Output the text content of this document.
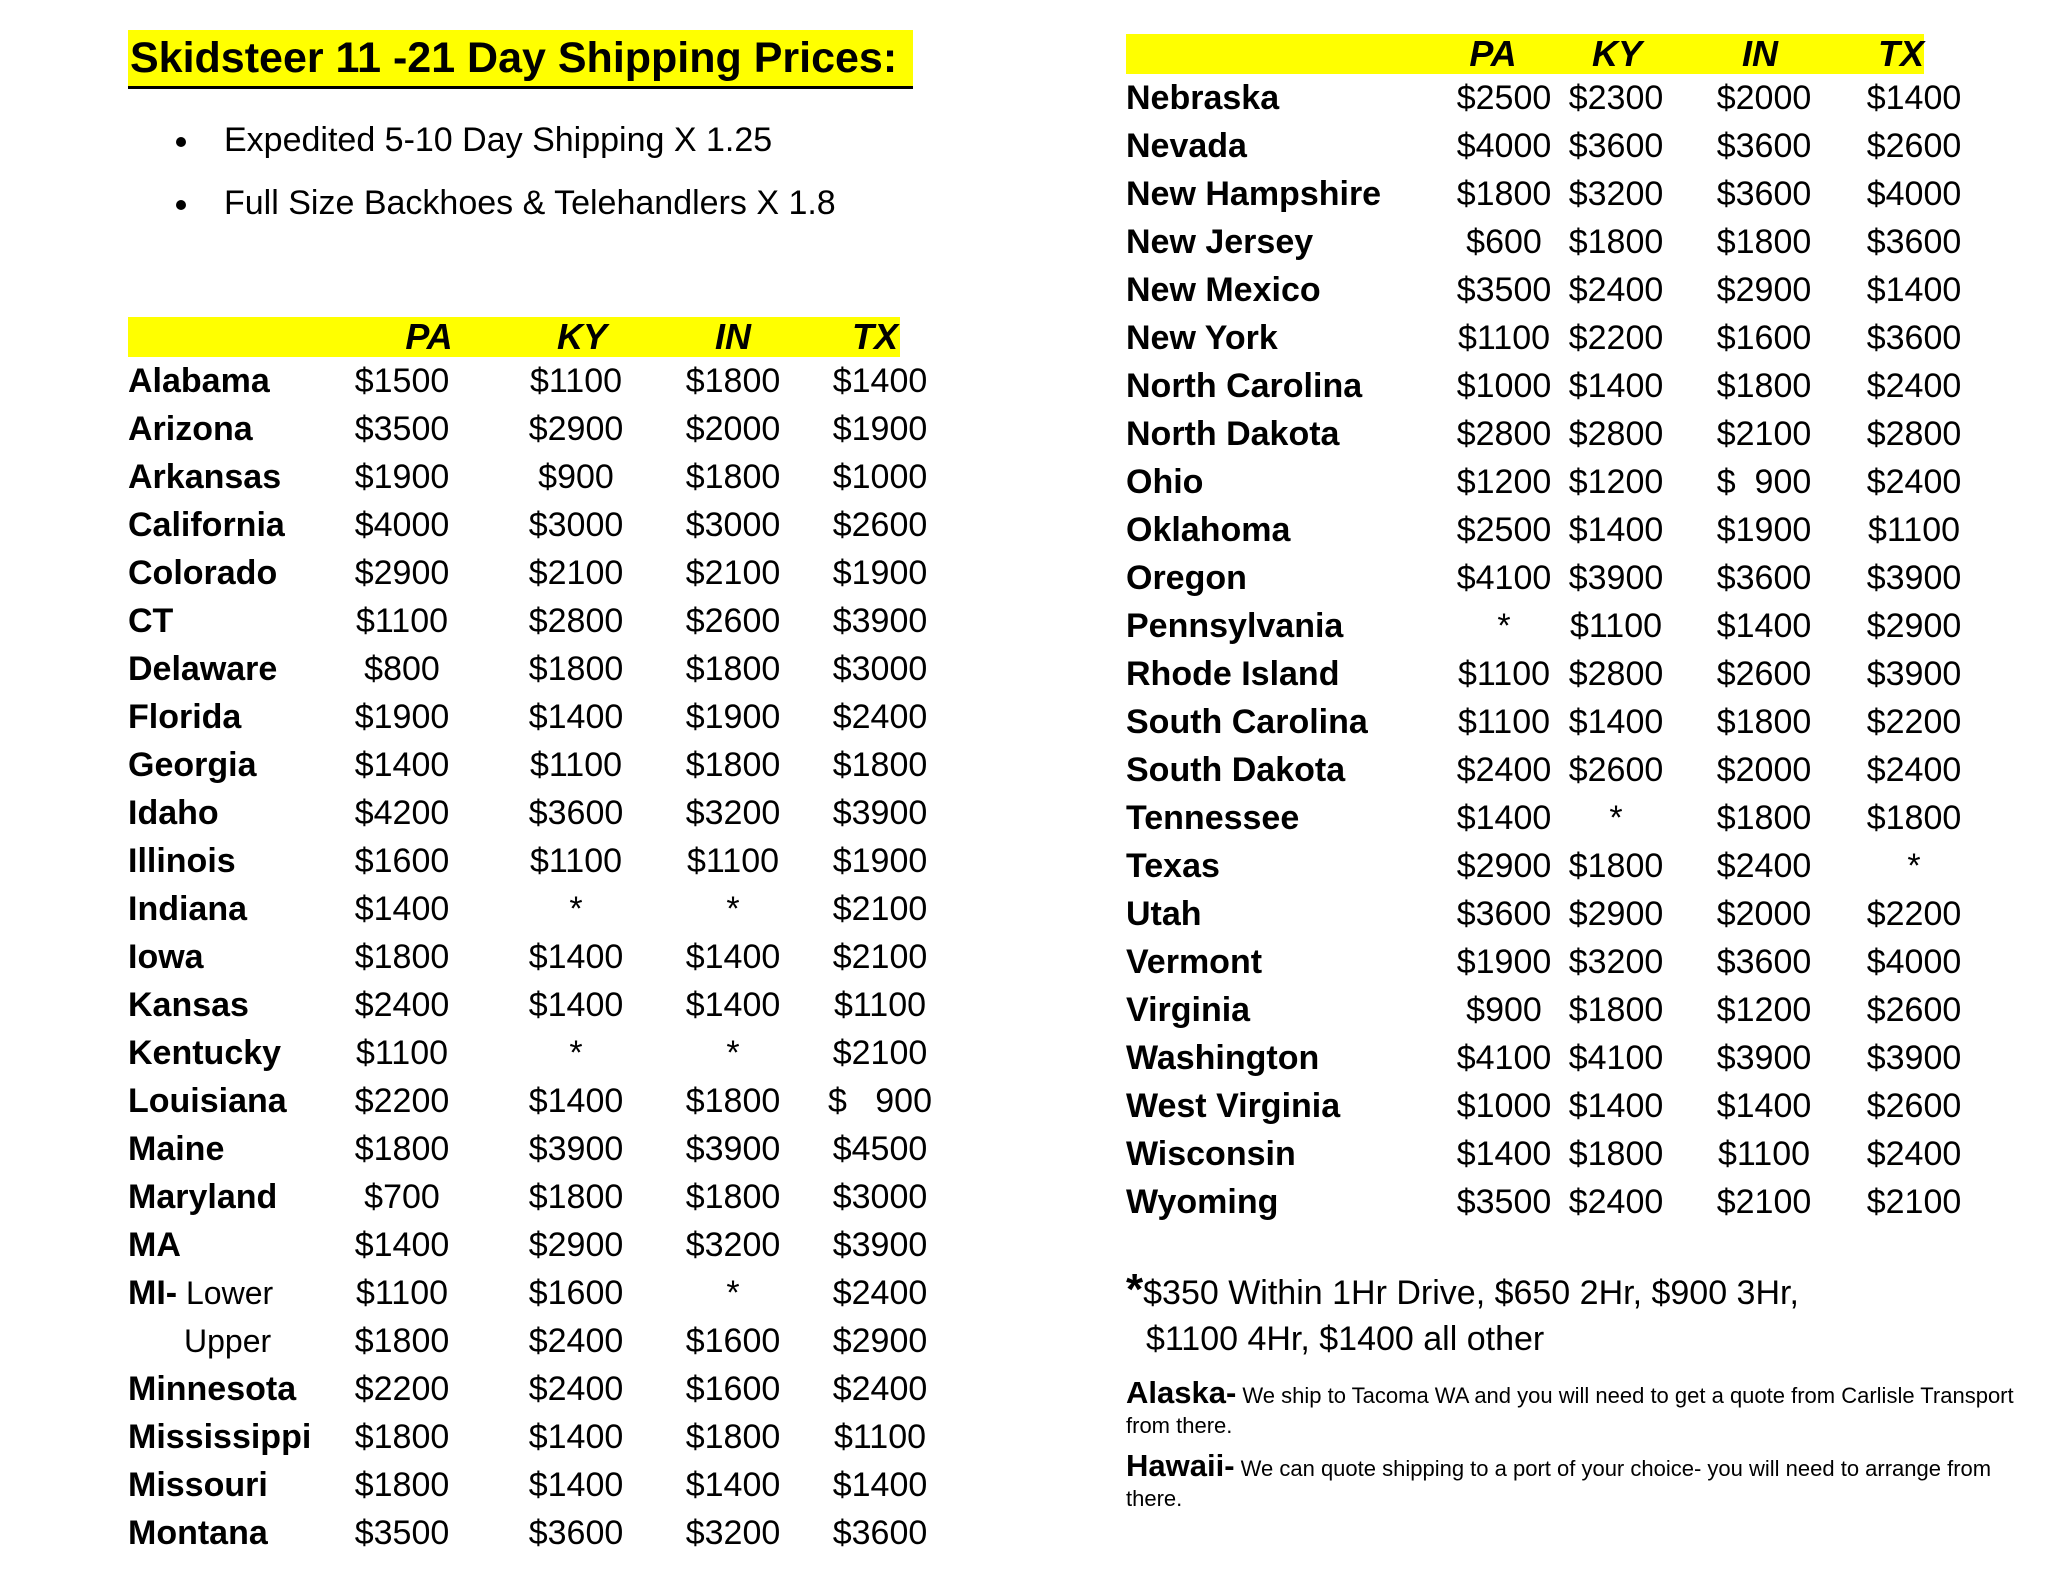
Skidsteer 11 -21 Day Shipping Prices:
Expedited 5-10 Day Shipping X 1.25
Full Size Backhoes & Telehandlers X 1.8
PA	KY	IN	TX
Alabama $1500 $1100 $1800 $1400
Arizona	$3500 $2900 $2000 $1900
Arkansas $1900	$900 $1800 $1000
California $4000 $3000 $3000 $2600
Colorado $2900 $2100 $2100 $1900
CT	$1100 $2800 $2600 $3900
Delaware	$800	$1800 $1800 $3000
Florida	$1900 $1400 $1900 $2400
Georgia	$1400 $1100 $1800 $1800
Idaho	$4200 $3600 $3200 $3900
Illinois	$1600 $1100 $1100 $1900
Indiana	$1400	*	*	$2100
Iowa	$1800 $1400 $1400 $2100
Kansas	$2400 $1400 $1400 $1100
Kentucky $1100	*	*	$2100
Louisiana $2200 $1400 $1800 $   900
Maine	$1800 $3900 $3900 $4500
Maryland	$700	$1800 $1800 $3000
MA	$1400 $2900 $3200 $3900
MI- Lower $1100 $1600	*	$2400
Upper $1800 $2400 $1600 $2900
Minnesota $2200 $2400 $1600 $2400
Mississippi $1800 $1400 $1800 $1100
Missouri	$1800 $1400 $1400 $1400
Montana	$3500 $3600 $3200 $3600
PA KY	IN	TX
Nebraska	$2500 $2300 $2000 $1400
Nevada	$4000 $3600 $3600 $2600
New Hampshire $1800 $3200 $3600 $4000
New Jersey	$600 $1800 $1800 $3600
New Mexico	$3500 $2400 $2900 $1400
New York	$1100 $2200 $1600 $3600
North Carolina	$1000 $1400 $1800 $2400
North Dakota	$2800 $2800 $2100 $2800
Ohio	$1200 $1200 $  900 $2400
Oklahoma	$2500 $1400 $1900 $1100
Oregon	$4100 $3900 $3600 $3900
Pennsylvania	* $1100 $1400 $2900
Rhode Island	$1100 $2800 $2600 $3900
South Carolina	$1100 $1400 $1800 $2200
South Dakota	$2400 $2600 $2000 $2400
Tennessee	$1400 *	$1800 $1800
Texas	$2900 $1800 $2400	*
Utah	$3600 $2900 $2000 $2200
Vermont	$1900 $3200 $3600 $4000
Virginia	$900 $1800 $1200 $2600
Washington	$4100 $4100 $3900 $3900
West Virginia	$1000 $1400 $1400 $2600
Wisconsin	$1400 $1800 $1100 $2400
Wyoming	$3500 $2400 $2100 $2100
*$350 Within 1Hr Drive, $650 2Hr, $900 3Hr,
$1100 4Hr, $1400 all other
Alaska- We ship to Tacoma WA and you will need to get a quote from Carlisle Transport from there.
Hawaii- We can quote shipping to a port of your choice- you will need to arrange from there.
